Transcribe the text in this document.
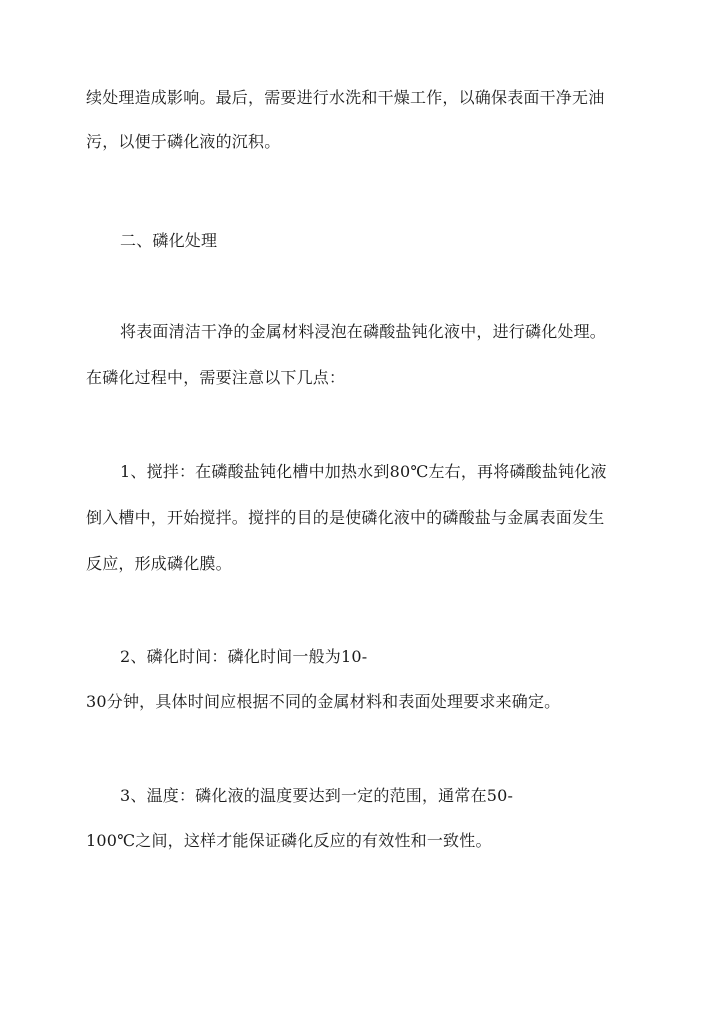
续处理造成影响。最后，需要进行水洗和干燥工作，以确保表面干净无油
污，以便于磷化液的沉积。
二、磷化处理
将表面清洁干净的金属材料浸泡在磷酸盐钝化液中，进行磷化处理。
在磷化过程中，需要注意以下几点：
1、搅拌：在磷酸盐钝化槽中加热水到80℃左右，再将磷酸盐钝化液
倒入槽中，开始搅拌。搅拌的目的是使磷化液中的磷酸盐与金属表面发生
反应，形成磷化膜。
2、磷化时间：磷化时间一般为10-
30分钟，具体时间应根据不同的金属材料和表面处理要求来确定。
3、温度：磷化液的温度要达到一定的范围，通常在50-
100℃之间，这样才能保证磷化反应的有效性和一致性。
